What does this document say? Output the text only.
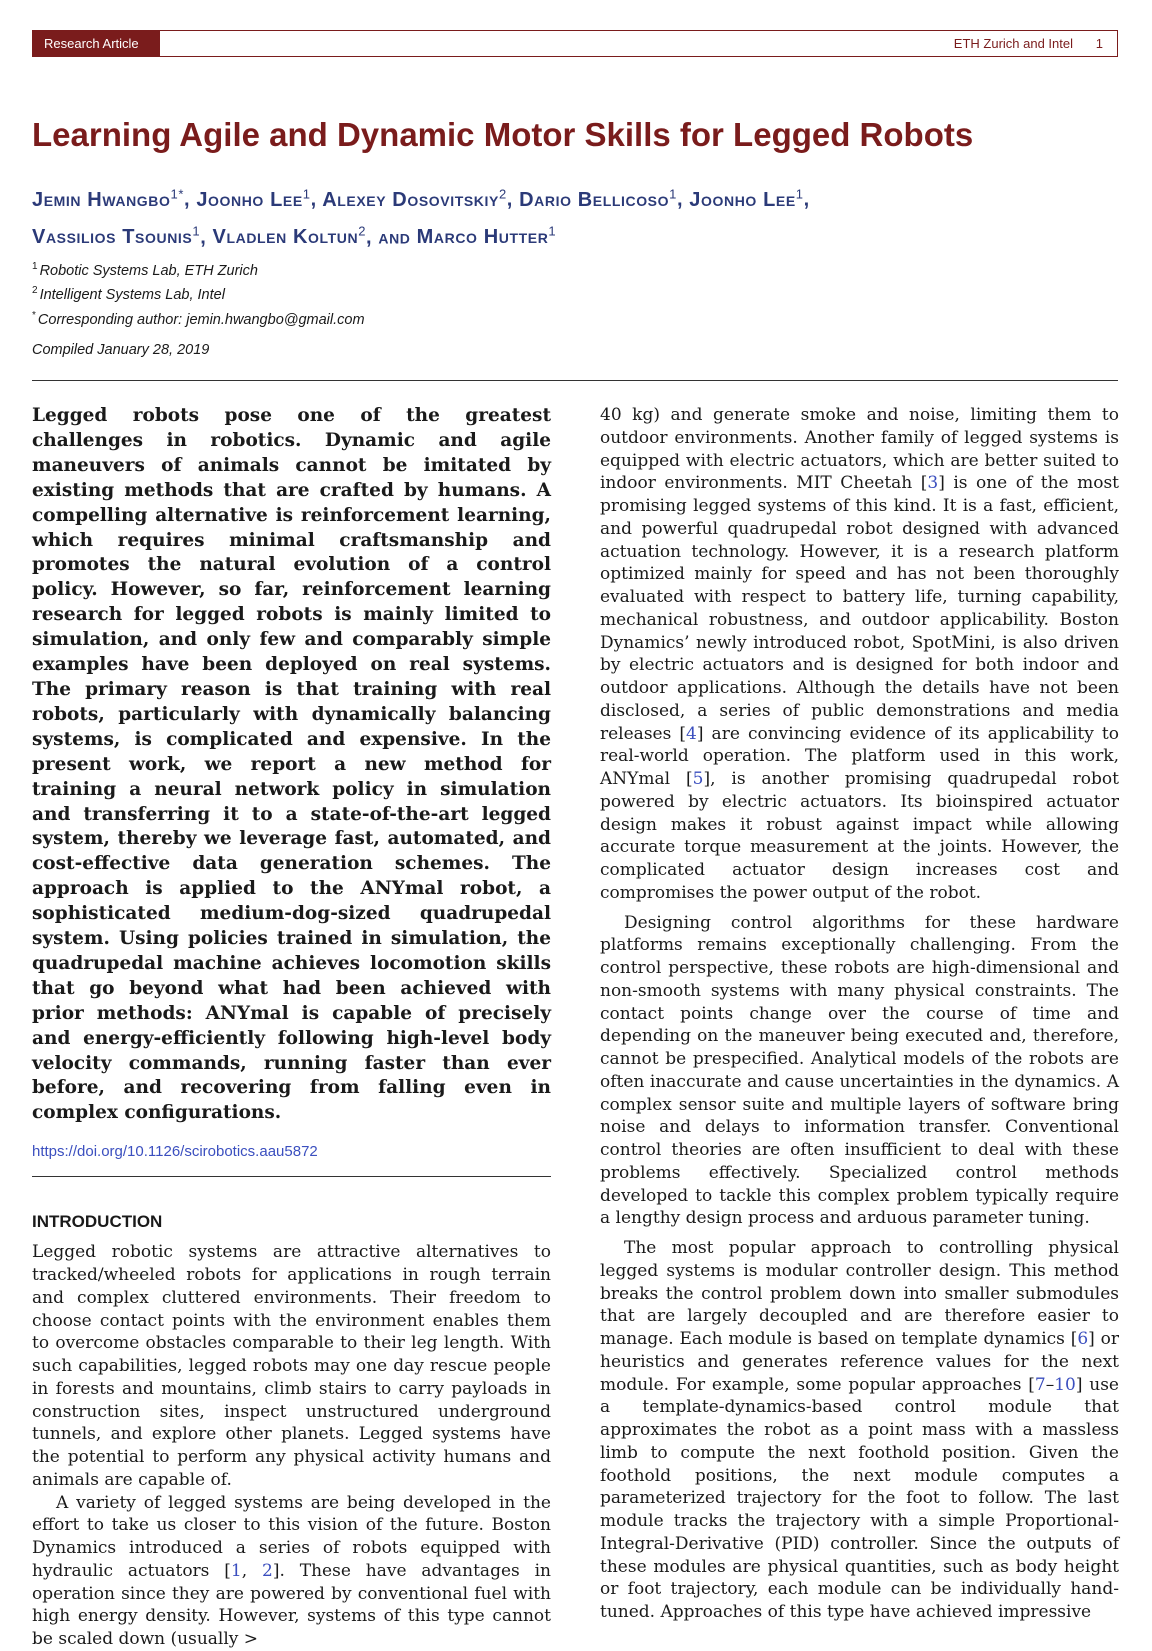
Research Article	ETH Zurich and Intel 1
Learning Agile and Dynamic Motor Skills for Legged Robots
Jemin Hwangbo$^{1*}$, Joonho Lee$^1$, Alexey Dosovitskiy$^2$, Dario Bellicoso$^1$, Joonho Lee$^1$,
Vassilios Tsounis$^1$, Vladlen Koltun$^2$, and Marco Hutter$^1$
$^1$ Robotic Systems Lab, ETH Zurich
$^2$ Intelligent Systems Lab, Intel
* Corresponding author: jemin.hwangbo@gmail.com
Compiled January 28, 2019

Legged robots pose one of the greatest challenges in robotics. Dynamic and agile maneuvers of animals cannot be imitated by existing methods that are crafted by humans. A compelling alternative is reinforcement learning, which requires minimal craftsmanship and promotes the natural evolution of a control policy. However, so far, reinforcement learning research for legged robots is mainly limited to simulation, and only few and comparably simple examples have been deployed on real systems. The primary reason is that training with real robots, particularly with dynamically balancing systems, is complicated and expensive. In the present work, we report a new method for training a neural network policy in simulation and transferring it to a state-of-the-art legged system, thereby we leverage fast, automated, and cost-effective data generation schemes. The approach is applied to the ANYmal robot, a sophisticated medium-dog-sized quadrupedal system. Using policies trained in simulation, the quadrupedal machine achieves locomotion skills that go beyond what had been achieved with prior methods: ANYmal is capable of precisely and energy-efficiently following high-level body velocity commands, running faster than ever before, and recovering from falling even in complex configurations.

https://doi.org/10.1126/scirobotics.aau5872
INTRODUCTION

Legged robotic systems are attractive alternatives to tracked/wheeled robots for applications in rough terrain and complex cluttered environments. Their freedom to choose contact points with the environment enables them to overcome obstacles comparable to their leg length. With such capabilities, legged robots may one day rescue people in forests and mountains, climb stairs to carry payloads in construction sites, inspect unstructured underground tunnels, and explore other planets. Legged systems have the potential to perform any physical activity humans and animals are capable of.

A variety of legged systems are being developed in the effort to take us closer to this vision of the future. Boston Dynamics introduced a series of robots equipped with hydraulic actuators [1, 2]. These have advantages in operation since they are powered by conventional fuel with high energy density. However, systems of this type cannot be scaled down (usually >

40 kg) and generate smoke and noise, limiting them to outdoor environments. Another family of legged systems is equipped with electric actuators, which are better suited to indoor environments. MIT Cheetah [3] is one of the most promising legged systems of this kind. It is a fast, efficient, and powerful quadrupedal robot designed with advanced actuation technology. However, it is a research platform optimized mainly for speed and has not been thoroughly evaluated with respect to battery life, turning capability, mechanical robustness, and outdoor applicability. Boston Dynamics’ newly introduced robot, SpotMini, is also driven by electric actuators and is designed for both indoor and outdoor applications. Although the details have not been disclosed, a series of public demonstrations and media releases [4] are convincing evidence of its applicability to real-world operation. The platform used in this work, ANYmal [5], is another promising quadrupedal robot powered by electric actuators. Its bioinspired actuator design makes it robust against impact while allowing accurate torque measurement at the joints. However, the complicated actuator design increases cost and compromises the power output of the robot.

Designing control algorithms for these hardware platforms remains exceptionally challenging. From the control perspective, these robots are high-dimensional and non-smooth systems with many physical constraints. The contact points change over the course of time and depending on the maneuver being executed and, therefore, cannot be prespecified. Analytical models of the robots are often inaccurate and cause uncertainties in the dynamics. A complex sensor suite and multiple layers of software bring noise and delays to information transfer. Conventional control theories are often insufficient to deal with these problems effectively. Specialized control methods developed to tackle this complex problem typically require a lengthy design process and arduous parameter tuning.

The most popular approach to controlling physical legged systems is modular controller design. This method breaks the control problem down into smaller submodules that are largely decoupled and are therefore easier to manage. Each module is based on template dynamics [6] or heuristics and generates reference values for the next module. For example, some popular approaches [7–10] use a template-dynamics-based control module that approximates the robot as a point mass with a massless limb to compute the next foothold position. Given the foothold positions, the next module computes a parameterized trajectory for the foot to follow. The last module tracks the trajectory with a simple Proportional-Integral-Derivative (PID) controller. Since the outputs of these modules are physical quantities, such as body height or foot trajectory, each module can be individually hand-tuned. Approaches of this type have achieved impressive
